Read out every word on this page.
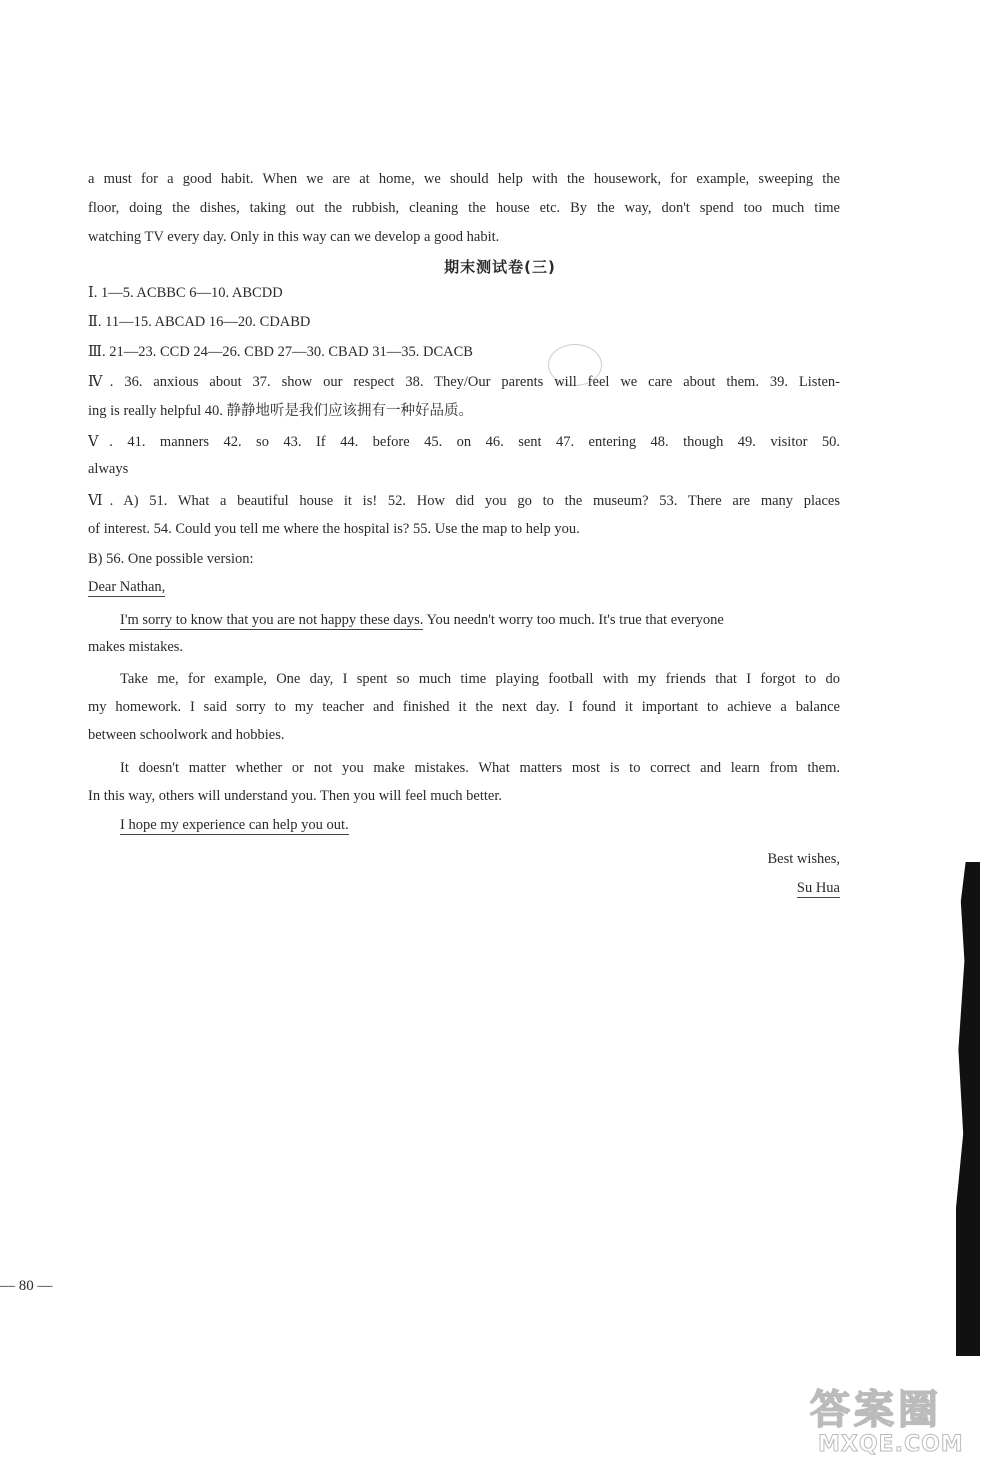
a must for a good habit. When we are at home, we should help with the housework, for example, sweeping the
floor, doing the dishes, taking out the rubbish, cleaning the house etc. By the way, don't spend too much time
watching TV every day. Only in this way can we develop a good habit.
期末测试卷(三)
Ⅰ. 1—5. ACBBC 6—10. ABCDD
Ⅱ. 11—15. ABCAD 16—20. CDABD
Ⅲ. 21—23. CCD 24—26. CBD 27—30. CBAD 31—35. DCACB
Ⅳ. 36. anxious about 37. show our respect 38. They/Our parents will feel we care about them. 39. Listen-
ing is really helpful 40. 静静地听是我们应该拥有一种好品质。
Ⅴ. 41. manners 42. so 43. If 44. before 45. on 46. sent 47. entering 48. though 49. visitor 50.
always
Ⅵ. A) 51. What a beautiful house it is! 52. How did you go to the museum? 53. There are many places
of interest. 54. Could you tell me where the hospital is? 55. Use the map to help you.
B) 56. One possible version:
Dear Nathan,
I'm sorry to know that you are not happy these days. You needn't worry too much. It's true that everyone
makes mistakes.
Take me, for example, One day, I spent so much time playing football with my friends that I forgot to do
my homework. I said sorry to my teacher and finished it the next day. I found it important to achieve a balance
between schoolwork and hobbies.
It doesn't matter whether or not you make mistakes. What matters most is to correct and learn from them.
In this way, others will understand you. Then you will feel much better.
I hope my experience can help you out.
Best wishes,
Su Hua
— 80 —
答案圈
MXQE.COM
